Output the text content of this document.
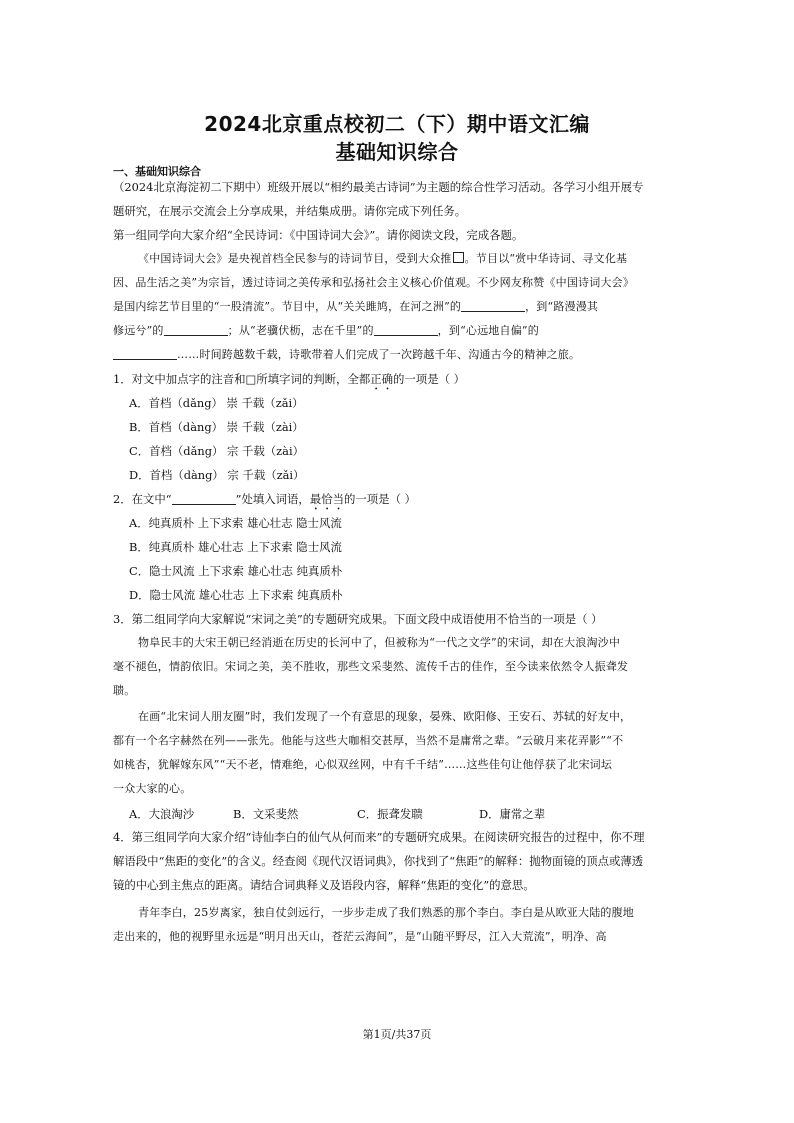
2024北京重点校初二（下）期中语文汇编
基础知识综合
一、基础知识综合
（2024北京海淀初二下期中）班级开展以“相约最美古诗词”为主题的综合性学习活动。各学习小组开展专
题研究，在展示交流会上分享成果，并结集成册。请你完成下列任务。
第一组同学向大家介绍“全民诗词：《中国诗词大会》”。请你阅读文段，完成各题。
《中国诗词大会》是央视首档全民参与的诗词节目，受到大众推 。节目以“赏中华诗词、寻文化基
因、品生活之美”为宗旨，透过诗词之美传承和弘扬社会主义核心价值观。不少网友称赞《中国诗词大会》
是国内综艺节目里的“一股清流”。节目中，从“关关雎鸠，在河之洲”的	，到“路漫漫其
修远兮”的	；从“老骥伏枥，志在千里”的	，到“心远地自偏”的
……时间跨越数千载，诗歌带着人们完成了一次跨越千年、沟通古今的精神之旅。
1．对文中加点字的注音和□所填字词的判断，全都正确的一项是（ ）
A．首档（dǎng） 崇 千载（zǎi）
B．首档（dàng） 崇 千载（zài）
C．首档（dǎng） 宗 千载（zài）
D．首档（dàng） 宗 千载（zǎi）
2．在文中“	”处填入词语，最恰当的一项是（ ）
A．纯真质朴 上下求索 雄心壮志 隐士风流
B．纯真质朴 雄心壮志 上下求索 隐士风流
C．隐士风流 上下求索 雄心壮志 纯真质朴
D．隐士风流 雄心壮志 上下求索 纯真质朴
3．第二组同学向大家解说“宋词之美”的专题研究成果。下面文段中成语使用不恰当的一项是（ ）
物阜民丰的大宋王朝已经消逝在历史的长河中了，但被称为“一代之文学”的宋词，却在大浪淘沙中
毫不褪色，情韵依旧。宋词之美，美不胜收，那些文采斐然、流传千古的佳作，至今读来依然令人振聋发
聩。
在画“北宋词人朋友圈”时，我们发现了一个有意思的现象，晏殊、欧阳修、王安石、苏轼的好友中，
都有一个名字赫然在列——张先。他能与这些大咖相交甚厚，当然不是庸常之辈。“云破月来花弄影”“不
如桃杏，犹解嫁东风”“天不老，情难绝，心似双丝网，中有千千结”……这些佳句让他俘获了北宋词坛
一众大家的心。
A．大浪淘沙	B．文采斐然	C．振聋发聩	D．庸常之辈
4．第三组同学向大家介绍“诗仙李白的仙气从何而来”的专题研究成果。在阅读研究报告的过程中，你不理
解语段中“焦距的变化”的含义。经查阅《现代汉语词典》，你找到了“焦距”的解释：抛物面镜的顶点或薄透
镜的中心到主焦点的距离。请结合词典释义及语段内容，解释“焦距的变化”的意思。
青年李白，25岁离家，独自仗剑远行，一步步走成了我们熟悉的那个李白。李白是从欧亚大陆的腹地
走出来的，他的视野里永远是“明月出天山，苍茫云海间”，是“山随平野尽，江入大荒流”，明净、高
第1页/共37页
